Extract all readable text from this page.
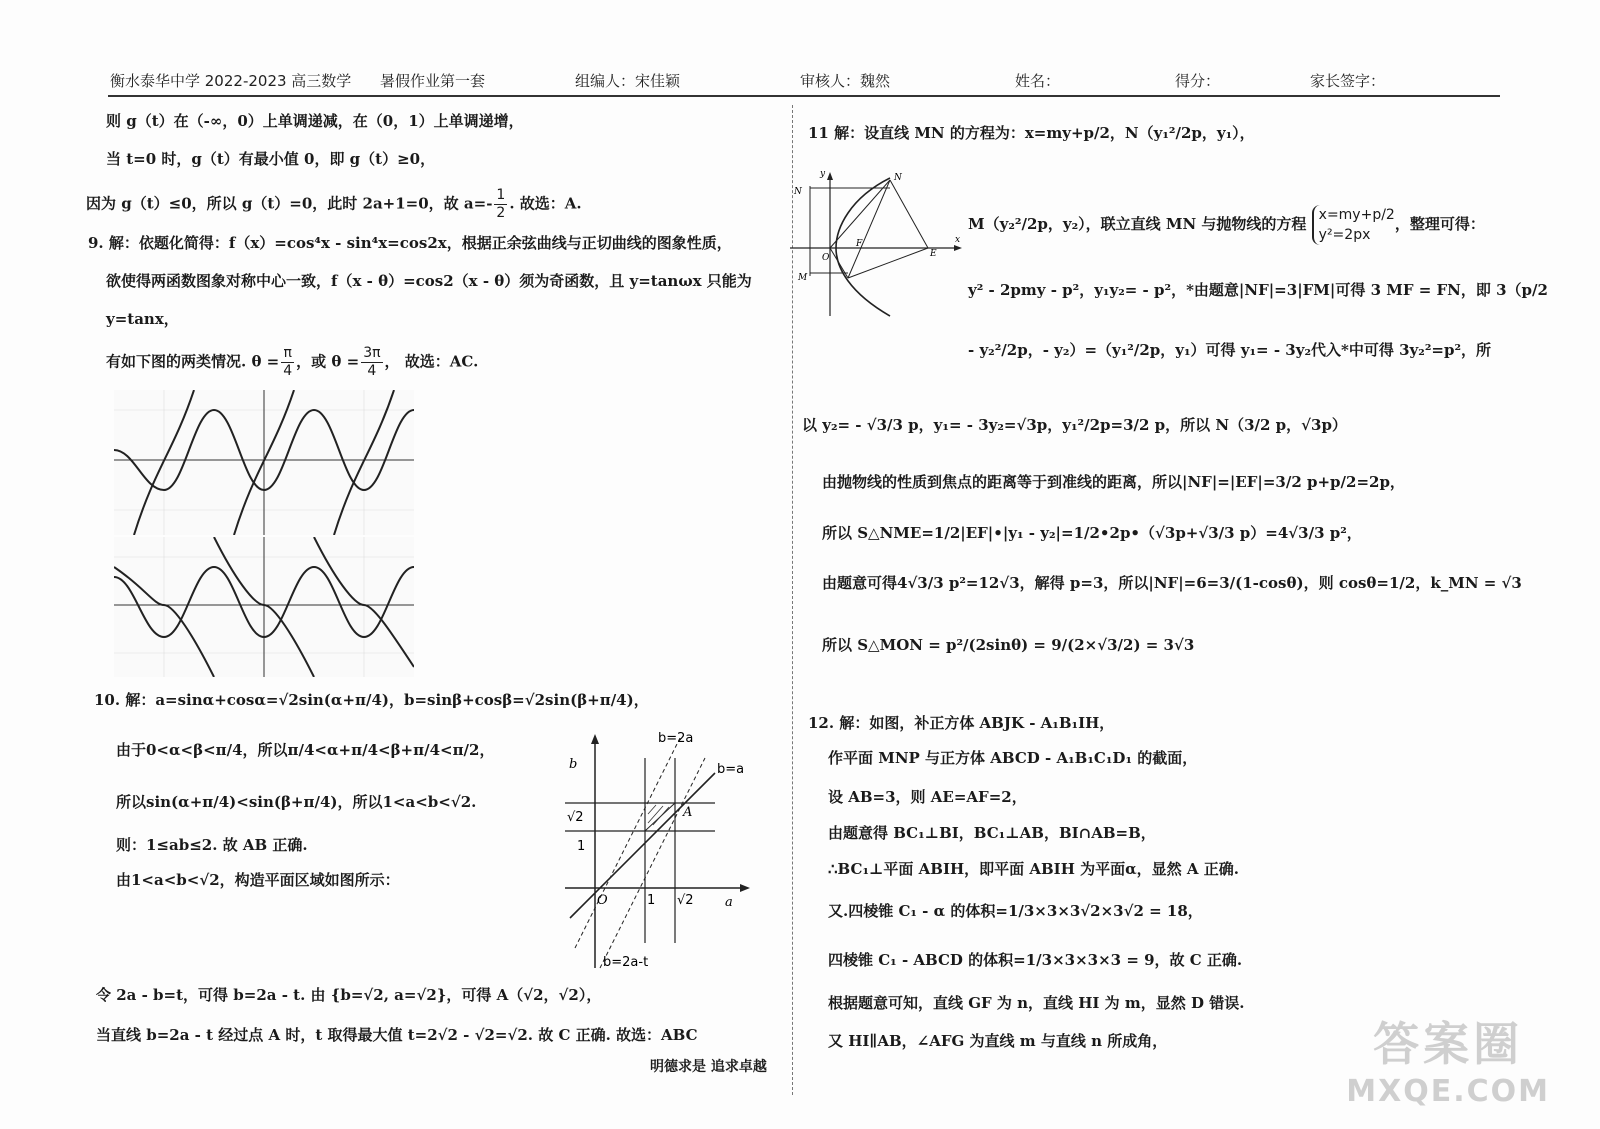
衡水泰华中学 2022-2023 高三数学 暑假作业第一套	组编人：宋佳颖	审核人：魏然	姓名：	得分：	家长签字：
则 g（t）在（-∞，0）上单调递减，在（0，1）上单调递增，
当 t=0 时，g（t）有最小值 0，即 g（t）≥0，
因为 g（t）≤0，所以 g（t）=0，此时 2a+1=0，故 $a=- \frac{1}{2}$ . 故选：A.
9. 解：依题化简得：f（x）=cos⁴x - sin⁴x=cos2x，根据正余弦曲线与正切曲线的图象性质，
欲使得两函数图象对称中心一致，f（x - θ）=cos2（x - θ）须为奇函数，且 y=tanωx 只能为
y=tanx，
有如下图的两类情况. $\theta = \frac{\pi}{4}$ ，或 $\theta = \frac{3\pi}{4}$ ， 故选：AC.
10. 解：a=sinα+cosα=√2sin(α+π/4)，b=sinβ+cosβ=√2sin(β+π/4)，
由于0<α<β<π/4，所以π/4<α+π/4<β+π/4<π/2，
所以sin(α+π/4)<sin(β+π/4)，所以1<a<b<√2.
则：1≤ab≤2. 故 AB 正确.
由1<a<b<√2，构造平面区域如图所示：
令 2a - b=t，可得 b=2a - t. 由 {b=√2, a=√2}，可得 A（√2，√2），
当直线 b=2a - t 经过点 A 时，t 取得最大值 t=2√2 - √2=√2. 故 C 正确. 故选：ABC
b=2a
b=a
b
a
O
1
√2
1 √2
A
b=2a-t
11 解：设直线 MN 的方程为：x=my+p/2，N（y₁²/2p，y₁），
M（y₂²/2p，y₂），联立直线 MN 与抛物线的方程 x=my+p/2
y²=2px
，整理可得：
y² - 2pmy - p²，y₁y₂= - p²，*由题意|NF|=3|FM|可得 3 MF = FN，即 3（p/2
- y₂²/2p，- y₂）=（y₁²/2p，y₁）可得 y₁= - 3y₂代入*中可得 3y₂²=p²，所
以 y₂= - √3/3 p，y₁= - 3y₂=√3p，y₁²/2p=3/2 p，所以 N（3/2 p，√3p）
由抛物线的性质到焦点的距离等于到准线的距离，所以|NF|=|EF|=3/2 p+p/2=2p，
所以 S△NME=1/2|EF|•|y₁ - y₂|=1/2•2p•（√3p+√3/3 p）=4√3/3 p²，
由题意可得4√3/3 p²=12√3，解得 p=3，所以|NF|=6=3/(1-cosθ)，则 cosθ=1/2，k_MN = √3
所以 S△MON = p²/(2sinθ) = 9/(2×√3/2) = 3√3
12. 解：如图，补正方体 ABJK - A₁B₁IH，
作平面 MNP 与正方体 ABCD - A₁B₁C₁D₁ 的截面，
设 AB=3，则 AE=AF=2，
由题意得 BC₁⊥BI，BC₁⊥AB，BI∩AB=B，
∴BC₁⊥平面 ABIH，即平面 ABIH 为平面α，显然 A 正确.
又.四棱锥 C₁ - α 的体积=1/3×3×3√2×3√2 = 18，
四棱锥 C₁ - ABCD 的体积=1/3×3×3×3 = 9，故 C 正确.
根据题意可知，直线 GF 为 n，直线 HI 为 m，显然 D 错误.
又 HI∥AB，∠AFG 为直线 m 与直线 n 所成角，
N
y
x
O
F
E
M
N
明德求是 追求卓越	答案圈
MXQE.COM
